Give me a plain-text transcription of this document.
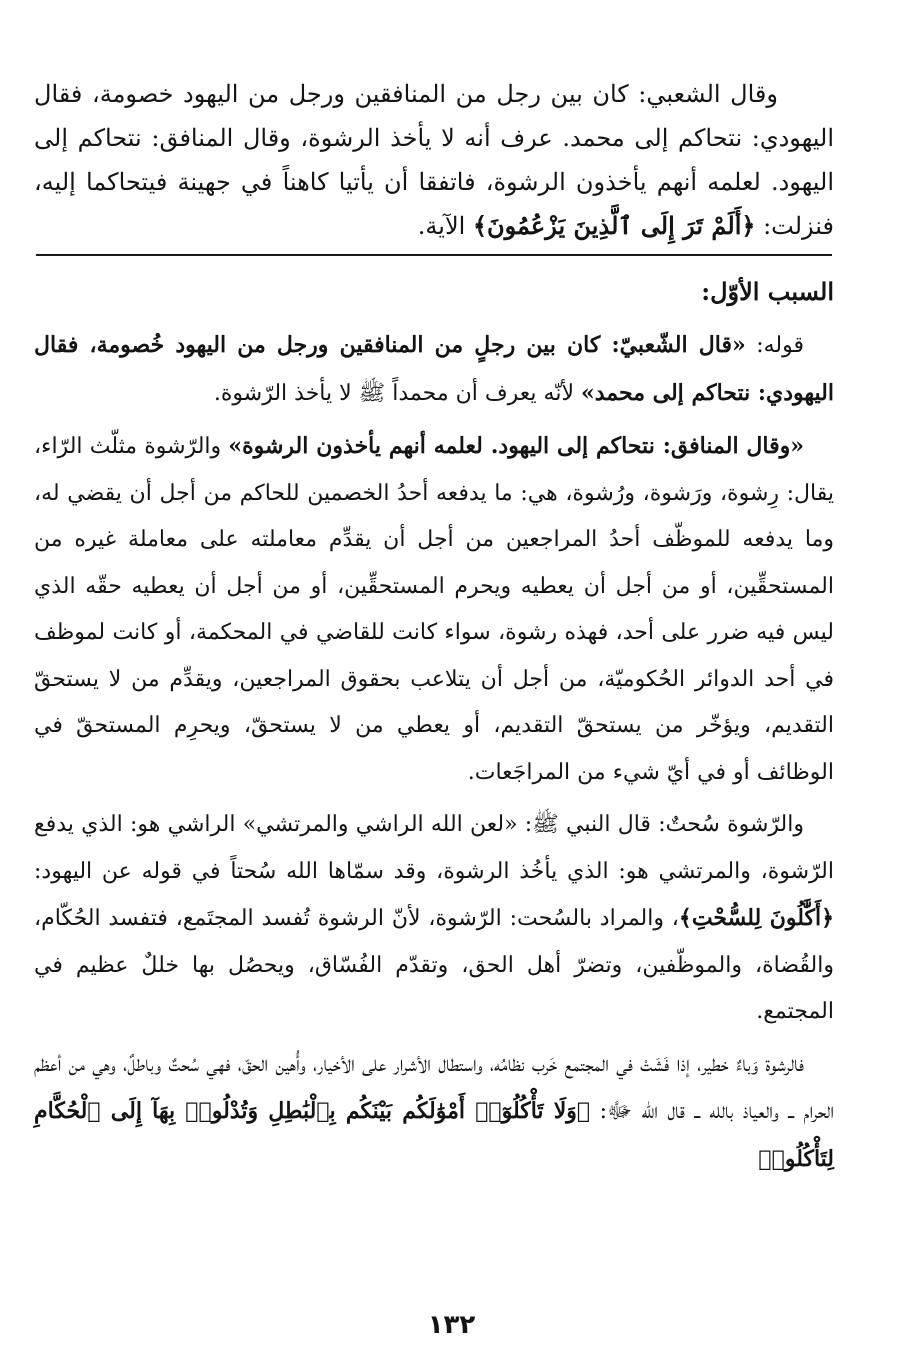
وقال الشعبي: كان بين رجل من المنافقين ورجل من اليهود خصومة، فقال اليهودي: نتحاكم إلى محمد. عرف أنه لا يأخذ الرشوة، وقال المنافق: نتحاكم إلى اليهود. لعلمه أنهم يأخذون الرشوة، فاتفقا أن يأتيا كاهناً في جهينة فيتحاكما إليه، فنزلت: ﴿أَلَمْ تَرَ إِلَى ٱلَّذِينَ يَزْعُمُونَ﴾ الآية.

السبب الأوّل:

قوله: «قال الشّعبيّ: كان بين رجلٍ من المنافقين ورجل من اليهود خُصومة، فقال اليهودي: نتحاكم إلى محمد» لأنّه يعرف أن محمداً ﷺ لا يأخذ الرّشوة.

«وقال المنافق: نتحاكم إلى اليهود. لعلمه أنهم يأخذون الرشوة» والرّشوة مثلّث الرّاء، يقال: رِشوة، ورَشوة، ورُشوة، هي: ما يدفعه أحدُ الخصمين للحاكم من أجل أن يقضي له، وما يدفعه للموظّف أحدُ المراجعين من أجل أن يقدِّم معاملته على معاملة غيره من المستحقِّين، أو من أجل أن يعطيه ويحرم المستحقِّين، أو من أجل أن يعطيه حقّه الذي ليس فيه ضرر على أحد، فهذه رشوة، سواء كانت للقاضي في المحكمة، أو كانت لموظف في أحد الدوائر الحُكوميّة، من أجل أن يتلاعب بحقوق المراجعين، ويقدِّم من لا يستحقّ التقديم، ويؤخّر من يستحقّ التقديم، أو يعطي من لا يستحقّ، ويحرِم المستحقّ في الوظائف أو في أيّ شيء من المراجَعات.

والرّشوة سُحتٌ: قال النبي ﷺ: «لعن الله الراشي والمرتشي» الراشي هو: الذي يدفع الرّشوة، والمرتشي هو: الذي يأخُذ الرشوة، وقد سمّاها الله سُحتاً في قوله عن اليهود: ﴿أَكَّٰلُونَ لِلسُّحْتِ﴾، والمراد بالسُحت: الرّشوة، لأنّ الرشوة تُفسد المجتَمع، فتفسد الحُكّام، والقُضاة، والموظّفين، وتضرّ أهل الحق، وتقدّم الفُسّاق، ويحصُل بها خللٌ عظيم في المجتمع.

فالرشوة وَباءٌ خطير، إذا فَشَتْ في المجتمع خَرب نظامُه، واستطال الأشرار على الأخيار، وأُهين الحقّ، فهي سُحتٌ وباطلٌ، وهي من أعظم الحرام ــ والعياذ بالله ــ قال الله ﷻ: ﴿وَلَا تَأْكُلُوٓا۟ أَمْوَٰلَكُم بَيْنَكُم بِٱلْبَٰطِلِ وَتُدْلُوا۟ بِهَآ إِلَى ٱلْحُكَّامِ لِتَأْكُلُوا۟

١٣٢
